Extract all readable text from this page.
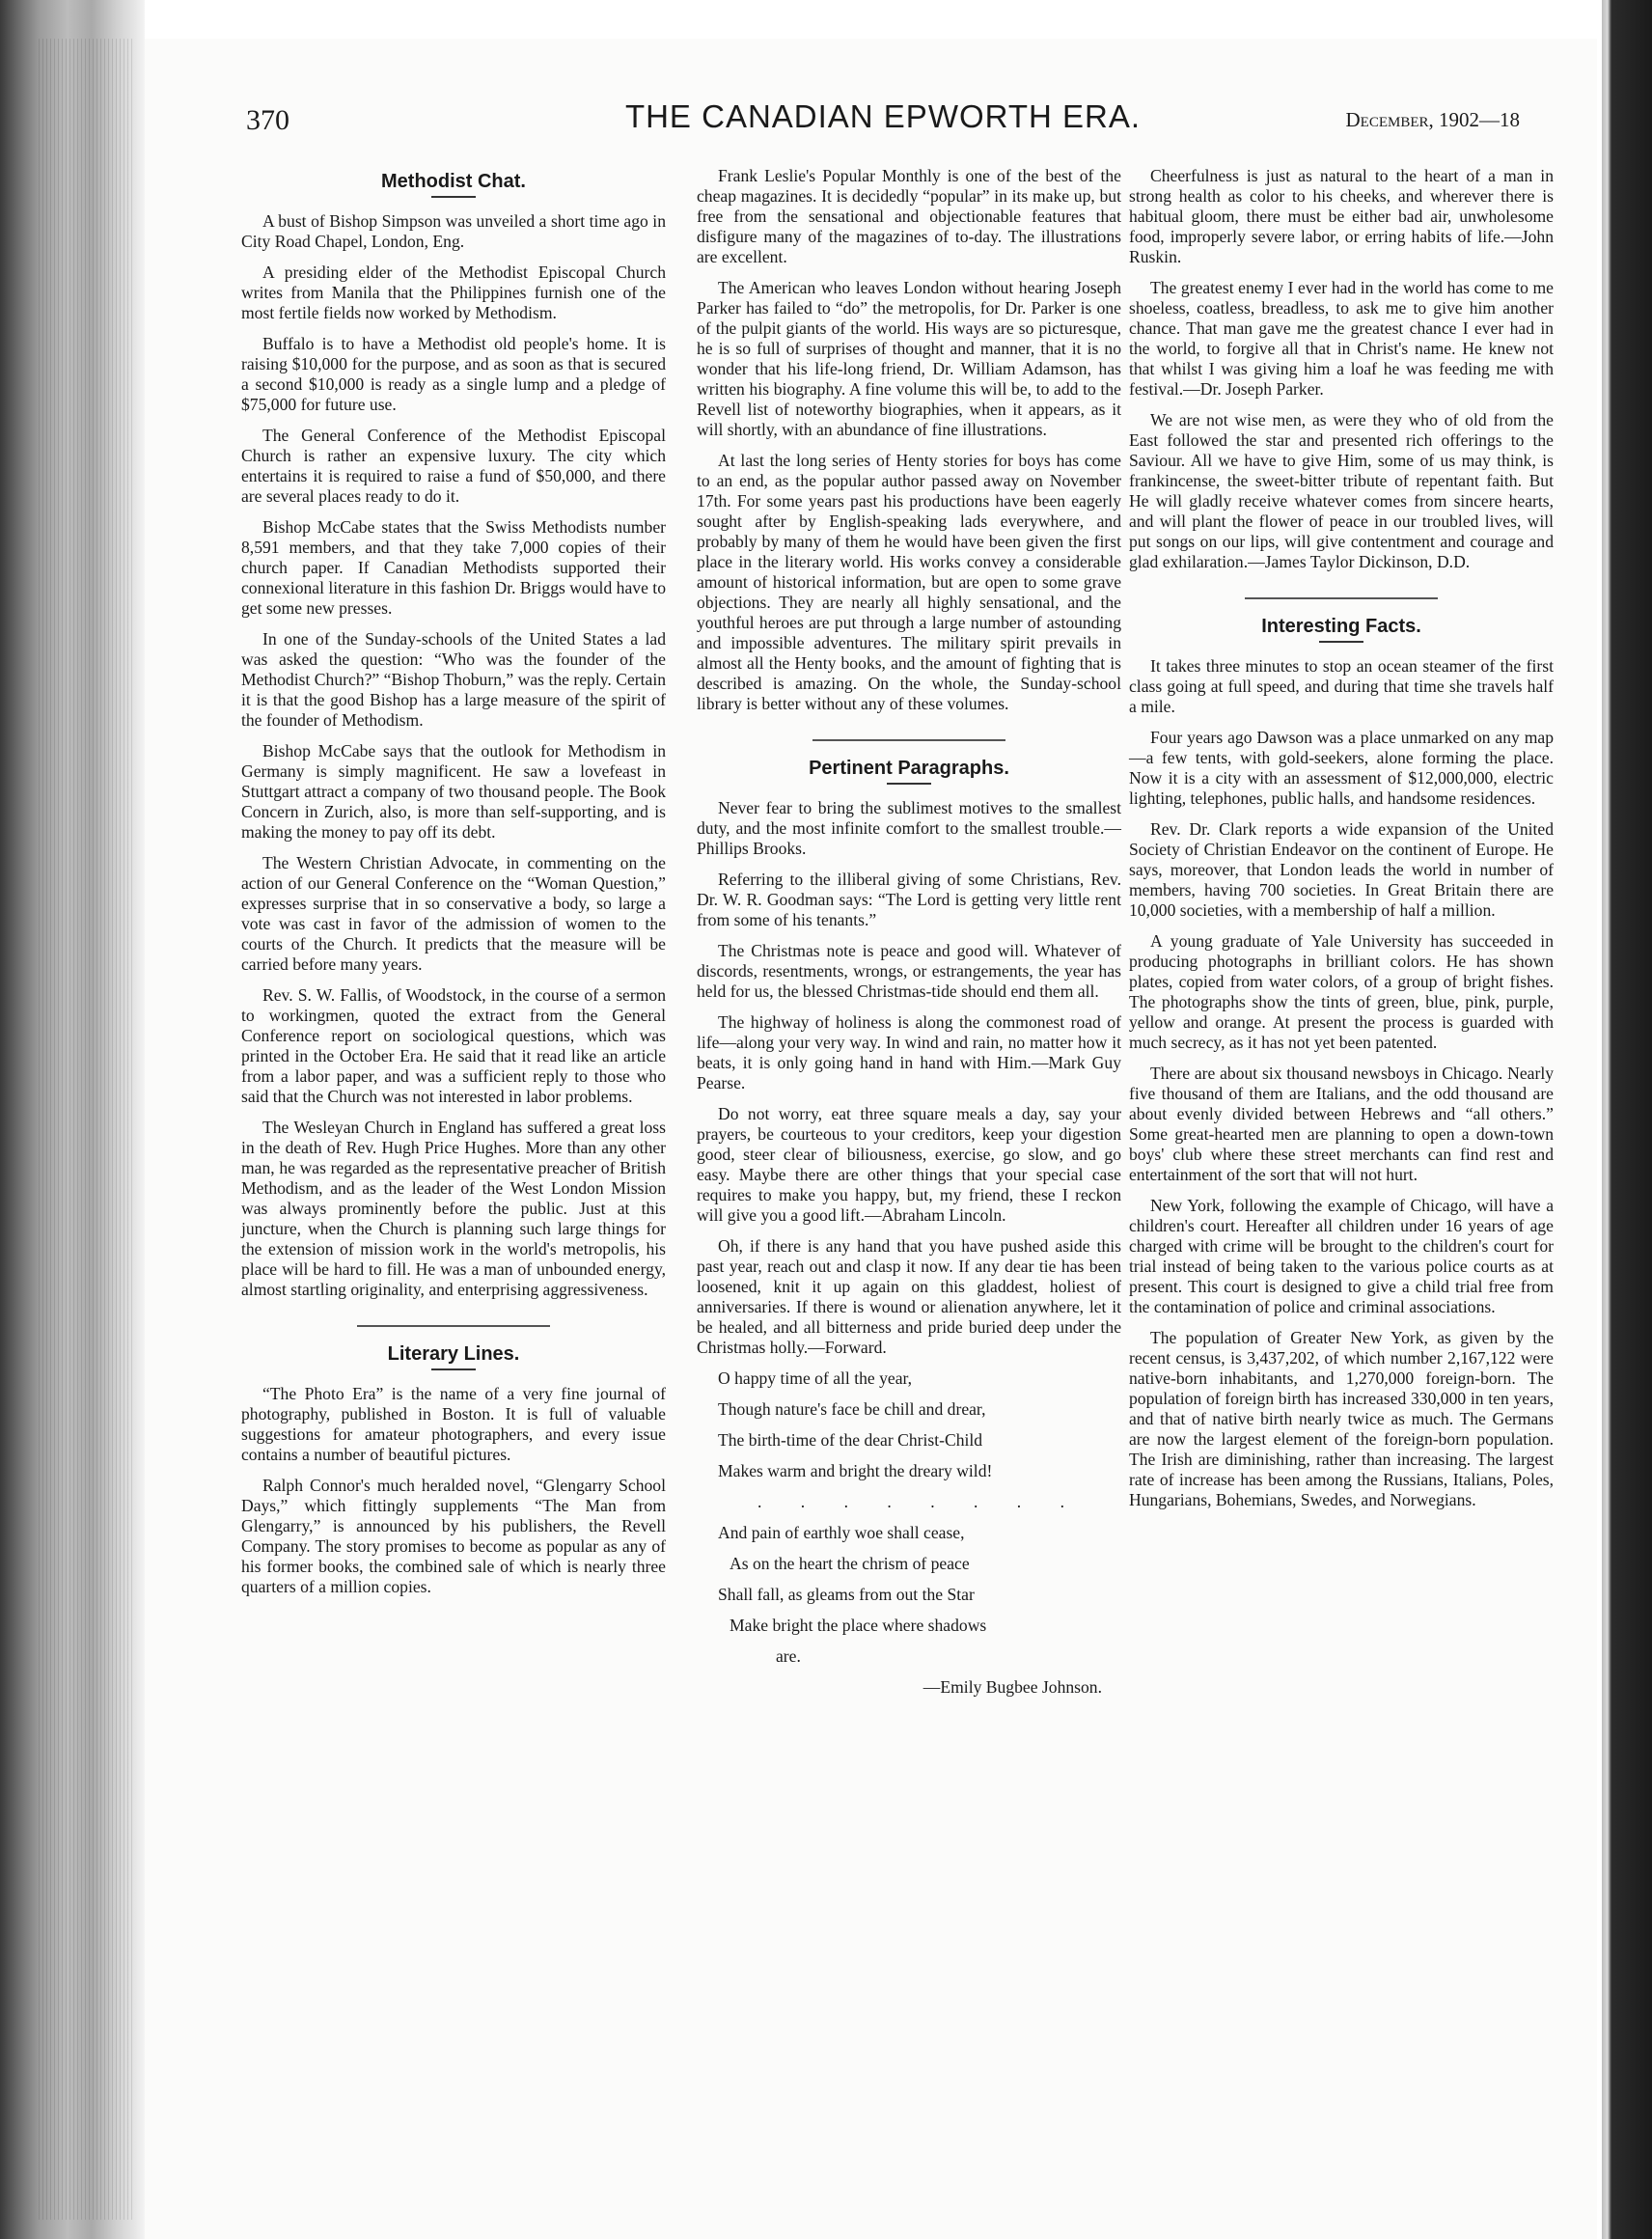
370	THE CANADIAN EPWORTH ERA.	December, 1902—18
Methodist Chat.

A bust of Bishop Simpson was unveiled a short time ago in City Road Chapel, London, Eng.

A presiding elder of the Methodist Episcopal Church writes from Manila that the Philippines furnish one of the most fertile fields now worked by Methodism.

Buffalo is to have a Methodist old people's home. It is raising $10,000 for the purpose, and as soon as that is secured a second $10,000 is ready as a single lump and a pledge of $75,000 for future use.

The General Conference of the Methodist Episcopal Church is rather an expensive luxury. The city which entertains it is required to raise a fund of $50,000, and there are several places ready to do it.

Bishop McCabe states that the Swiss Methodists number 8,591 members, and that they take 7,000 copies of their church paper. If Canadian Methodists supported their connexional literature in this fashion Dr. Briggs would have to get some new presses.

In one of the Sunday-schools of the United States a lad was asked the question: “Who was the founder of the Methodist Church?” “Bishop Thoburn,” was the reply. Certain it is that the good Bishop has a large measure of the spirit of the founder of Methodism.

Bishop McCabe says that the outlook for Methodism in Germany is simply magnificent. He saw a lovefeast in Stuttgart attract a company of two thousand people. The Book Concern in Zurich, also, is more than self-supporting, and is making the money to pay off its debt.

The Western Christian Advocate, in commenting on the action of our General Conference on the “Woman Question,” expresses surprise that in so conservative a body, so large a vote was cast in favor of the admission of women to the courts of the Church. It predicts that the measure will be carried before many years.

Rev. S. W. Fallis, of Woodstock, in the course of a sermon to workingmen, quoted the extract from the General Conference report on sociological questions, which was printed in the October Era. He said that it read like an article from a labor paper, and was a sufficient reply to those who said that the Church was not interested in labor problems.

The Wesleyan Church in England has suffered a great loss in the death of Rev. Hugh Price Hughes. More than any other man, he was regarded as the representative preacher of British Methodism, and as the leader of the West London Mission was always prominently before the public. Just at this juncture, when the Church is planning such large things for the extension of mission work in the world's metropolis, his place will be hard to fill. He was a man of unbounded energy, almost startling originality, and enterprising aggressiveness.

Literary Lines.

“The Photo Era” is the name of a very fine journal of photography, published in Boston. It is full of valuable suggestions for amateur photographers, and every issue contains a number of beautiful pictures.

Ralph Connor's much heralded novel, “Glengarry School Days,” which fittingly supplements “The Man from Glengarry,” is announced by his publishers, the Revell Company. The story promises to become as popular as any of his former books, the combined sale of which is nearly three quarters of a million copies.

Frank Leslie's Popular Monthly is one of the best of the cheap magazines. It is decidedly “popular” in its make up, but free from the sensational and objectionable features that disfigure many of the magazines of to-day. The illustrations are excellent.

The American who leaves London without hearing Joseph Parker has failed to “do” the metropolis, for Dr. Parker is one of the pulpit giants of the world. His ways are so picturesque, he is so full of surprises of thought and manner, that it is no wonder that his life-long friend, Dr. William Adamson, has written his biography. A fine volume this will be, to add to the Revell list of noteworthy biographies, when it appears, as it will shortly, with an abundance of fine illustrations.

At last the long series of Henty stories for boys has come to an end, as the popular author passed away on November 17th. For some years past his productions have been eagerly sought after by English-speaking lads everywhere, and probably by many of them he would have been given the first place in the literary world. His works convey a considerable amount of historical information, but are open to some grave objections. They are nearly all highly sensational, and the youthful heroes are put through a large number of astounding and impossible adventures. The military spirit prevails in almost all the Henty books, and the amount of fighting that is described is amazing. On the whole, the Sunday-school library is better without any of these volumes.

Pertinent Paragraphs.

Never fear to bring the sublimest motives to the smallest duty, and the most infinite comfort to the smallest trouble.—Phillips Brooks.

Referring to the illiberal giving of some Christians, Rev. Dr. W. R. Goodman says: “The Lord is getting very little rent from some of his tenants.”

The Christmas note is peace and good will. Whatever of discords, resentments, wrongs, or estrangements, the year has held for us, the blessed Christmas-tide should end them all.

The highway of holiness is along the commonest road of life—along your very way. In wind and rain, no matter how it beats, it is only going hand in hand with Him.—Mark Guy Pearse.

Do not worry, eat three square meals a day, say your prayers, be courteous to your creditors, keep your digestion good, steer clear of biliousness, exercise, go slow, and go easy. Maybe there are other things that your special case requires to make you happy, but, my friend, these I reckon will give you a good lift.—Abraham Lincoln.

Oh, if there is any hand that you have pushed aside this past year, reach out and clasp it now. If any dear tie has been loosened, knit it up again on this gladdest, holiest of anniversaries. If there is wound or alienation anywhere, let it be healed, and all bitterness and pride buried deep under the Christmas holly.—Forward.

O happy time of all the year,

Though nature's face be chill and drear,

The birth-time of the dear Christ-Child

Makes warm and bright the dreary wild!

. . . . . . . .

And pain of earthly woe shall cease,

As on the heart the chrism of peace

Shall fall, as gleams from out the Star

Make bright the place where shadows

are.

—Emily Bugbee Johnson.

Cheerfulness is just as natural to the heart of a man in strong health as color to his cheeks, and wherever there is habitual gloom, there must be either bad air, unwholesome food, improperly severe labor, or erring habits of life.—John Ruskin.

The greatest enemy I ever had in the world has come to me shoeless, coatless, breadless, to ask me to give him another chance. That man gave me the greatest chance I ever had in the world, to forgive all that in Christ's name. He knew not that whilst I was giving him a loaf he was feeding me with festival.—Dr. Joseph Parker.

We are not wise men, as were they who of old from the East followed the star and presented rich offerings to the Saviour. All we have to give Him, some of us may think, is frankincense, the sweet-bitter tribute of repentant faith. But He will gladly receive whatever comes from sincere hearts, and will plant the flower of peace in our troubled lives, will put songs on our lips, will give contentment and courage and glad exhilaration.—James Taylor Dickinson, D.D.

Interesting Facts.

It takes three minutes to stop an ocean steamer of the first class going at full speed, and during that time she travels half a mile.

Four years ago Dawson was a place unmarked on any map—a few tents, with gold-seekers, alone forming the place. Now it is a city with an assessment of $12,000,000, electric lighting, telephones, public halls, and handsome residences.

Rev. Dr. Clark reports a wide expansion of the United Society of Christian Endeavor on the continent of Europe. He says, moreover, that London leads the world in number of members, having 700 societies. In Great Britain there are 10,000 societies, with a membership of half a million.

A young graduate of Yale University has succeeded in producing photographs in brilliant colors. He has shown plates, copied from water colors, of a group of bright fishes. The photographs show the tints of green, blue, pink, purple, yellow and orange. At present the process is guarded with much secrecy, as it has not yet been patented.

There are about six thousand newsboys in Chicago. Nearly five thousand of them are Italians, and the odd thousand are about evenly divided between Hebrews and “all others.” Some great-hearted men are planning to open a down-town boys' club where these street merchants can find rest and entertainment of the sort that will not hurt.

New York, following the example of Chicago, will have a children's court. Hereafter all children under 16 years of age charged with crime will be brought to the children's court for trial instead of being taken to the various police courts as at present. This court is designed to give a child trial free from the contamination of police and criminal associations.

The population of Greater New York, as given by the recent census, is 3,437,202, of which number 2,167,122 were native-born inhabitants, and 1,270,000 foreign-born. The population of foreign birth has increased 330,000 in ten years, and that of native birth nearly twice as much. The Germans are now the largest element of the foreign-born population. The Irish are diminishing, rather than increasing. The largest rate of increase has been among the Russians, Italians, Poles, Hungarians, Bohemians, Swedes, and Norwegians.
